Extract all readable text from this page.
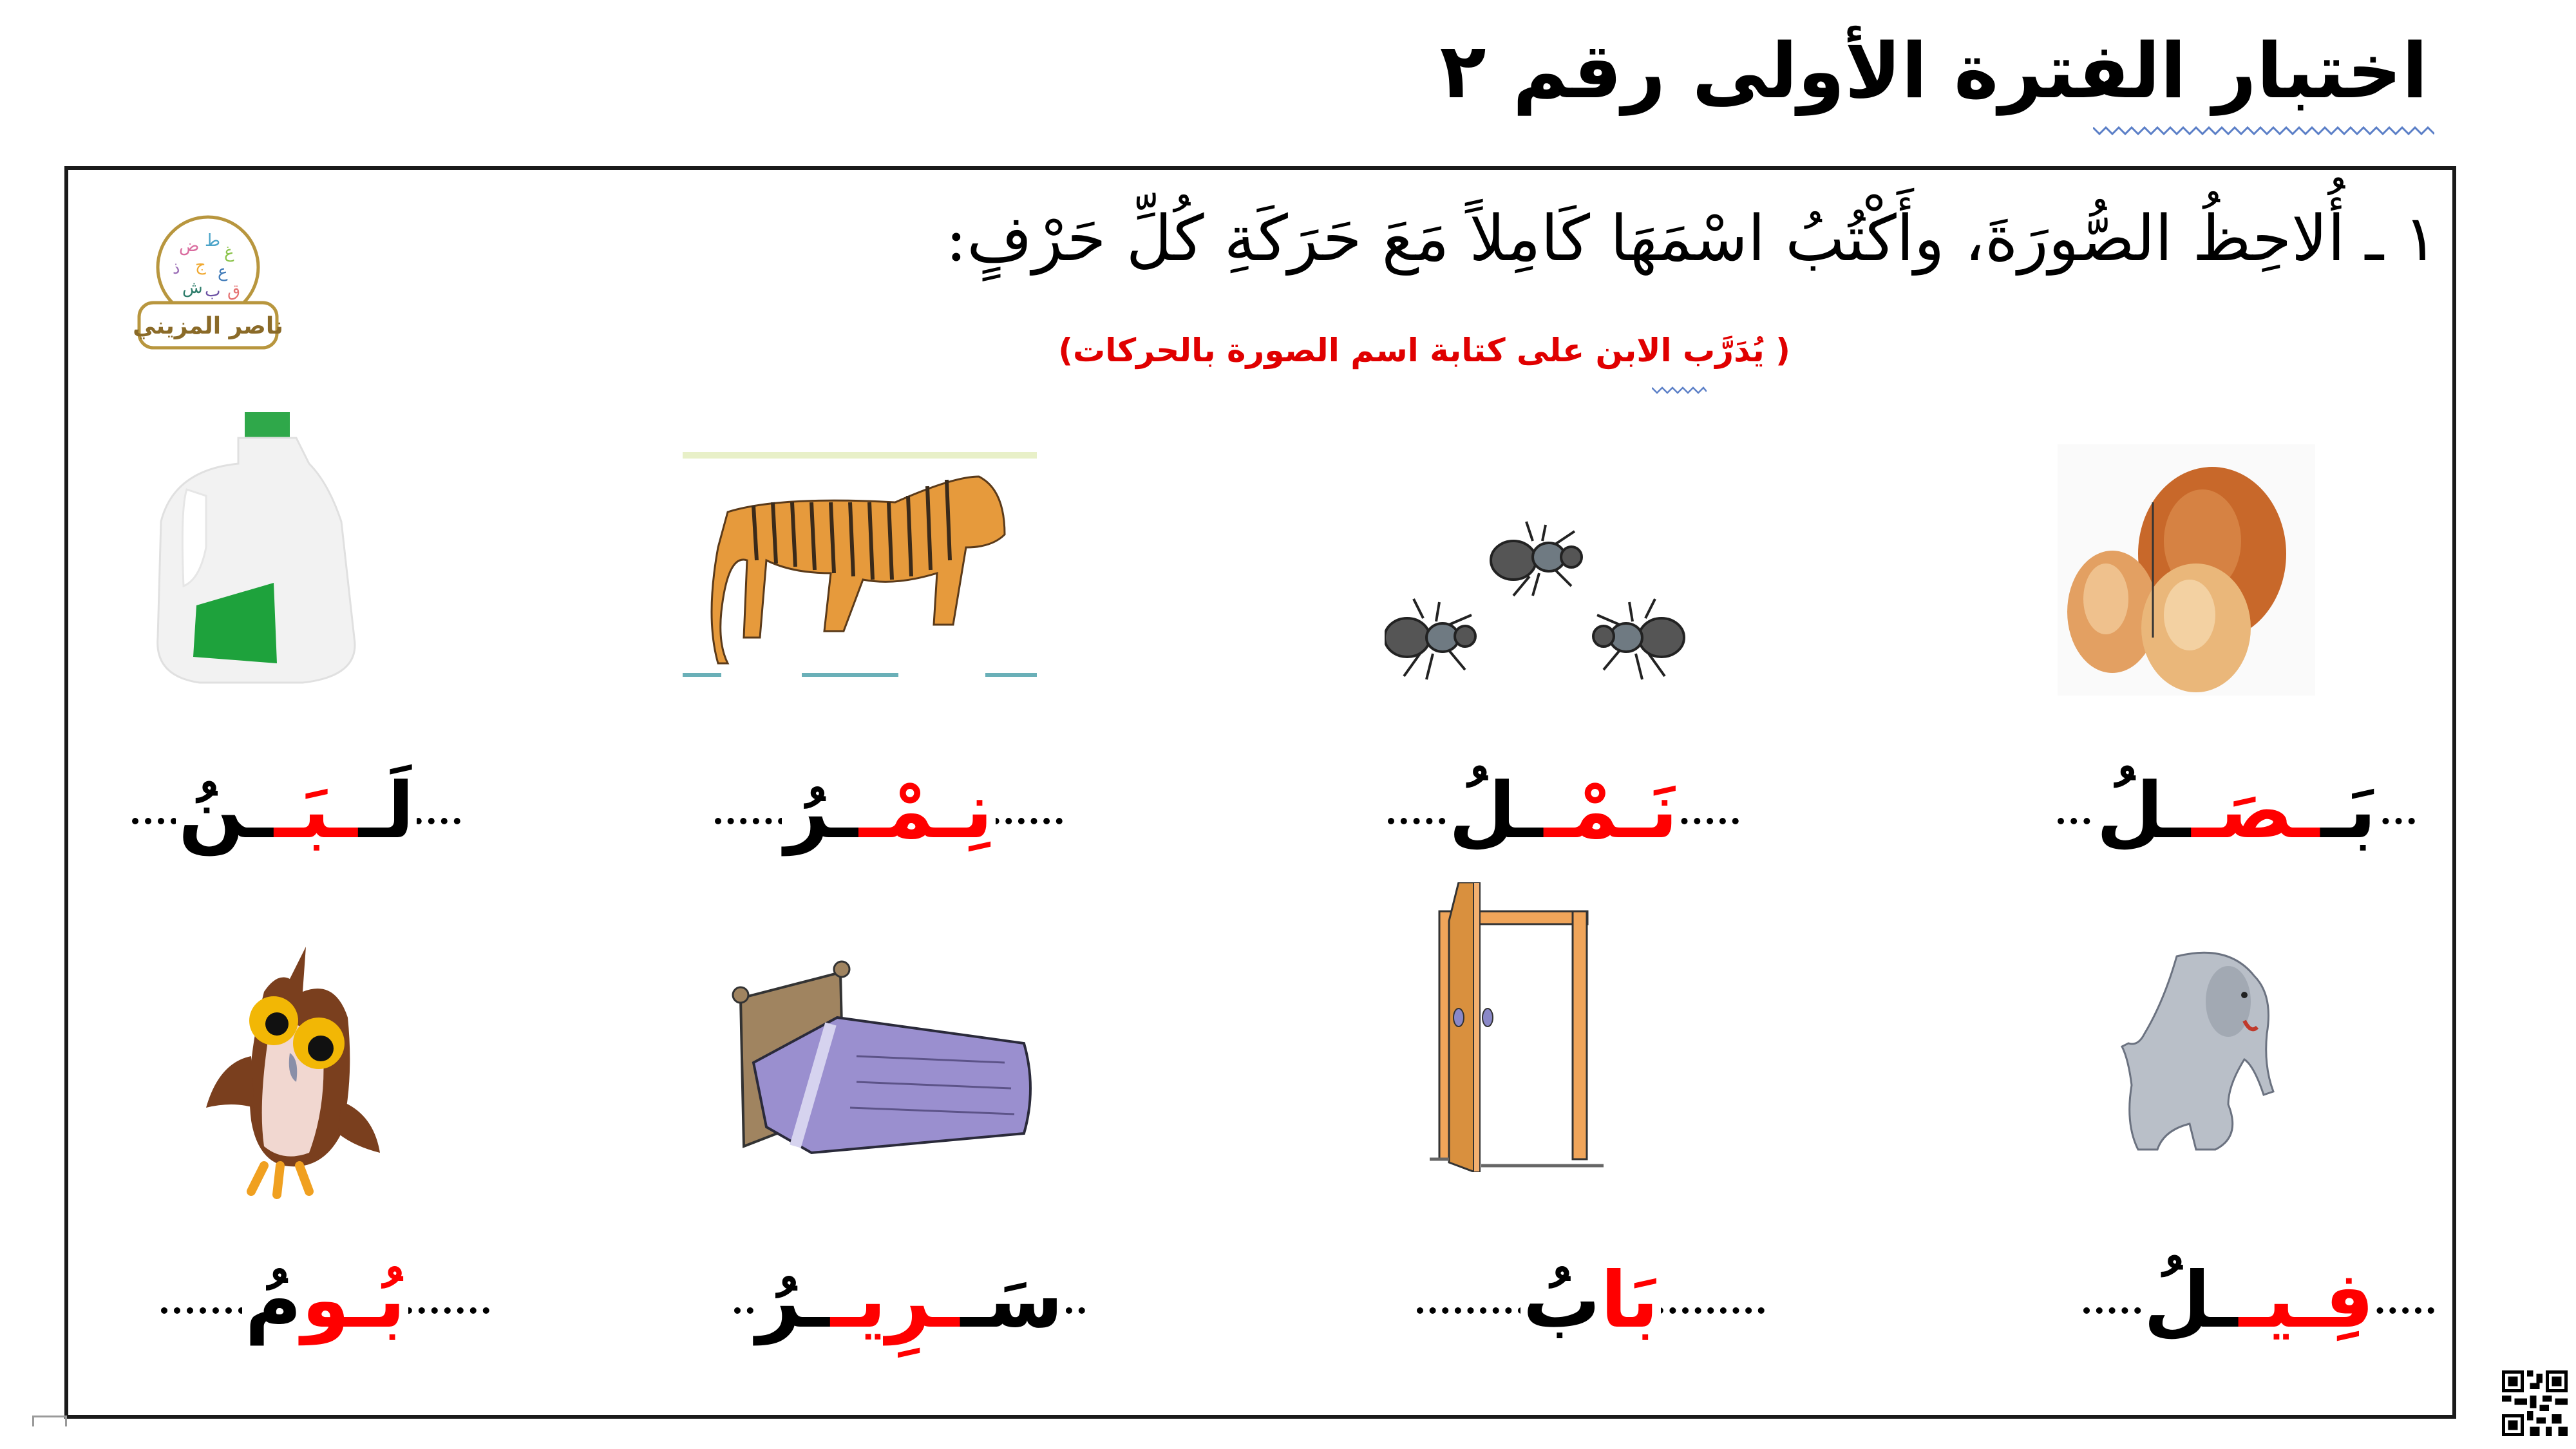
اختبار الفترة الأولى رقم ٢
١ ـ أُلاحِظُ الصُّورَةَ، وأَكْتُبُ اسْمَهَا كَامِلاً مَعَ حَرَكَةِ كُلِّ حَرْفٍ:
( يُدَرَّب الابن على كتابة اسم الصورة بالحركات)
ض ط
غ
ذ ج ع
ش ب ق
ناصر المزيني
بَــصَــلُ
نَـمْــلُ
نِـمْــرُ
لَــبَــنُ
فِـيــلُ
بَابُ
سَــرِيــرُ
بُـومُ
